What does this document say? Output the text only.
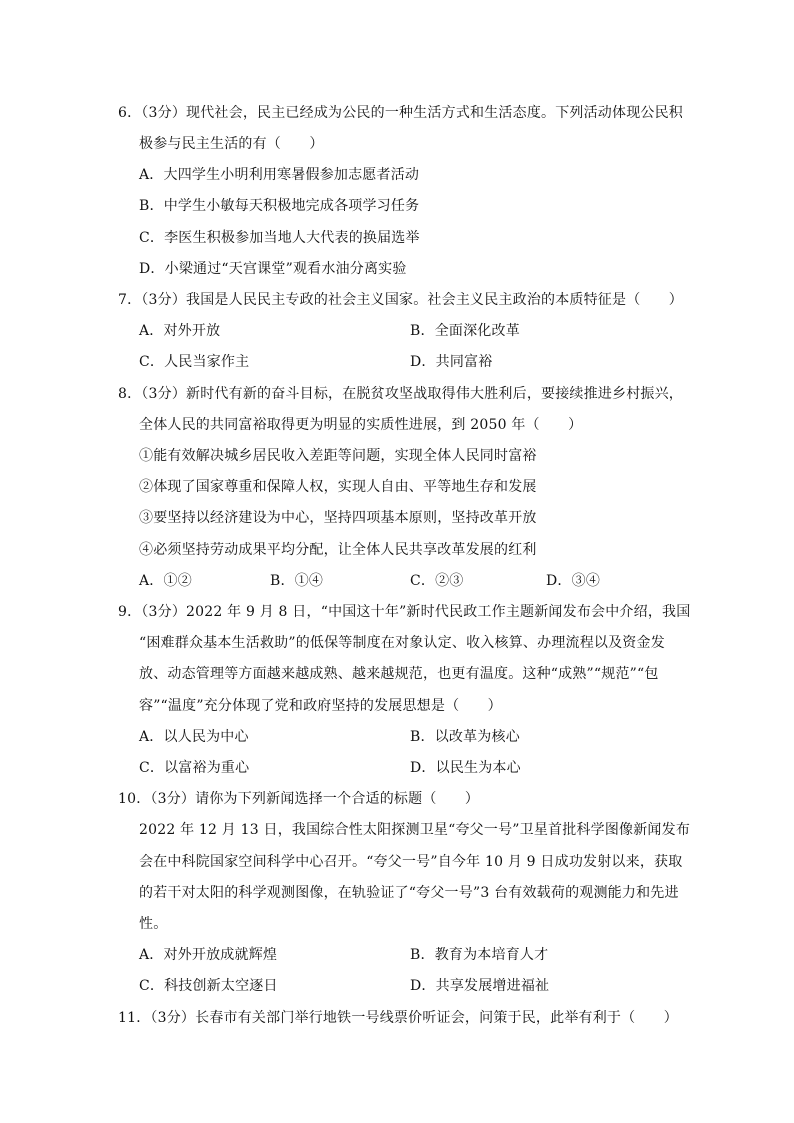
6．（3分）现代社会，民主已经成为公民的一种生活方式和生活态度。下列活动体现公民积
极参与民主生活的有（　　）
A．大四学生小明利用寒暑假参加志愿者活动
B．中学生小敏每天积极地完成各项学习任务
C．李医生积极参加当地人大代表的换届选举
D．小梁通过“天宫课堂”观看水油分离实验
7．（3分）我国是人民民主专政的社会主义国家。社会主义民主政治的本质特征是（　　）
A．对外开放	B．全面深化改革
C．人民当家作主	D．共同富裕
8．（3分）新时代有新的奋斗目标，在脱贫攻坚战取得伟大胜利后，要接续推进乡村振兴，
全体人民的共同富裕取得更为明显的实质性进展，到 2050 年（　　）
①能有效解决城乡居民收入差距等问题，实现全体人民同时富裕
②体现了国家尊重和保障人权，实现人自由、平等地生存和发展
③要坚持以经济建设为中心，坚持四项基本原则，坚持改革开放
④必须坚持劳动成果平均分配，让全体人民共享改革发展的红利
A．①②	B．①④	C．②③	D．③④
9．（3分）2022 年 9 月 8 日，“中国这十年”新时代民政工作主题新闻发布会中介绍，我国
“困难群众基本生活救助”的低保等制度在对象认定、收入核算、办理流程以及资金发
放、动态管理等方面越来越成熟、越来越规范，也更有温度。这种“成熟”“规范”“包
容”“温度”充分体现了党和政府坚持的发展思想是（　　）
A．以人民为中心	B．以改革为核心
C．以富裕为重心	D．以民生为本心
10．（3分）请你为下列新闻选择一个合适的标题（　　）
2022 年 12 月 13 日，我国综合性太阳探测卫星“夸父一号”卫星首批科学图像新闻发布
会在中科院国家空间科学中心召开。“夸父一号”自今年 10 月 9 日成功发射以来，获取
的若干对太阳的科学观测图像，在轨验证了“夸父一号”3 台有效载荷的观测能力和先进
性。
A．对外开放成就辉煌	B．教育为本培育人才
C．科技创新太空逐日	D．共享发展增进福祉
11．（3分）长春市有关部门举行地铁一号线票价听证会，问策于民，此举有利于（　　）
